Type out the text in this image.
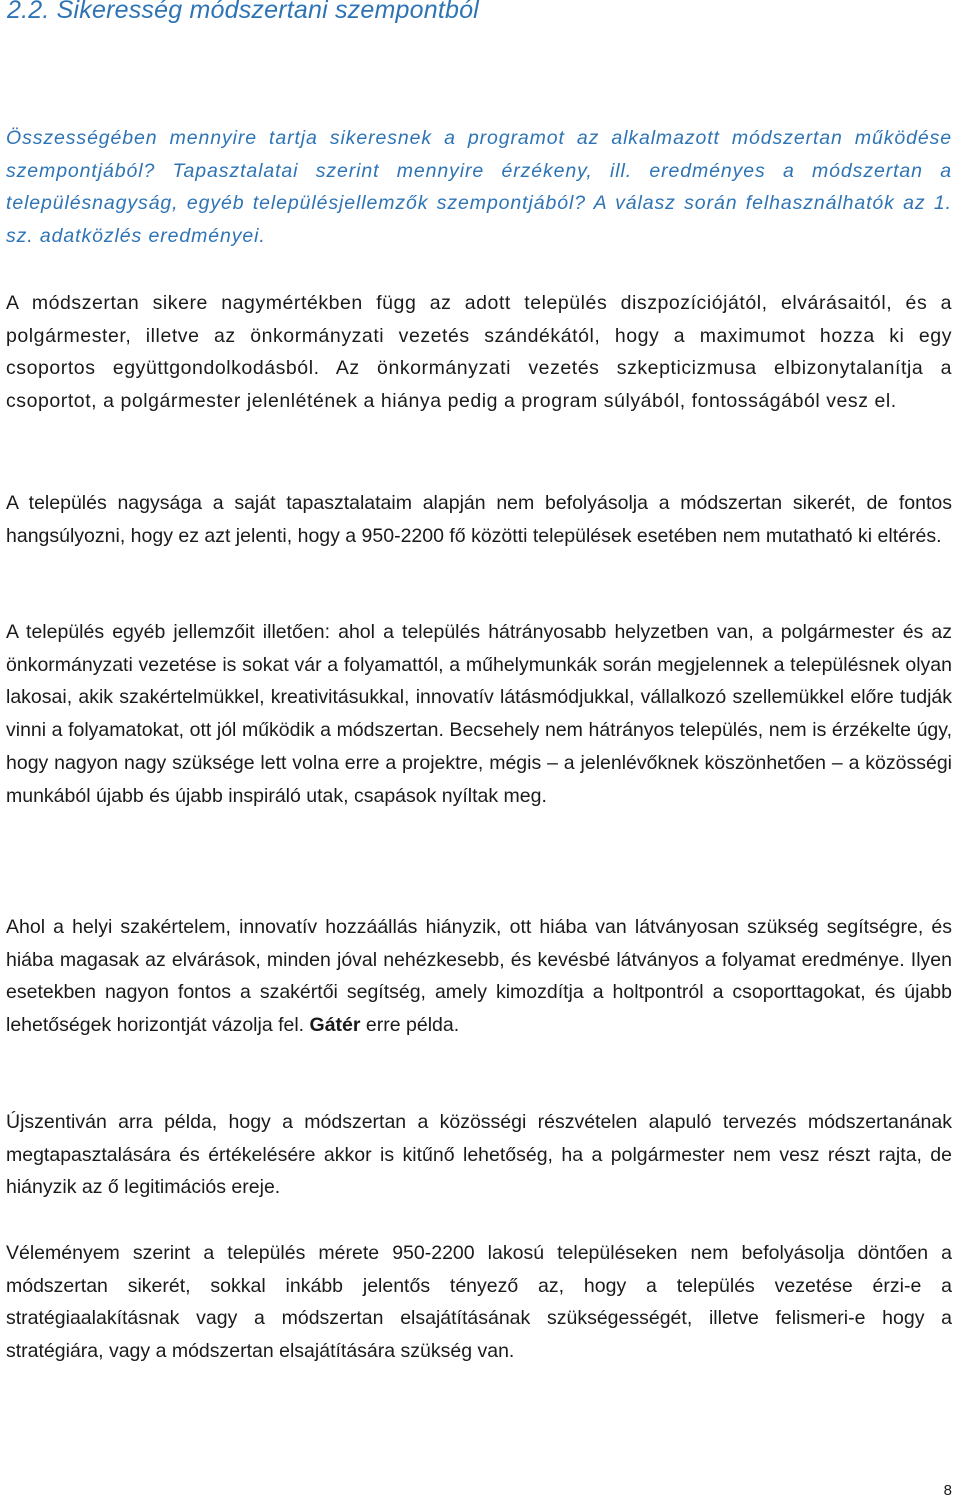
2.2. Sikeresség módszertani szempontból

Összességében mennyire tartja sikeresnek a programot az alkalmazott módszertan működése szempontjából? Tapasztalatai szerint mennyire érzékeny, ill. eredményes a módszertan a településnagyság, egyéb településjellemzők szempontjából? A válasz során felhasználhatók az 1. sz. adatközlés eredményei.

A módszertan sikere nagymértékben függ az adott település diszpozíciójától, elvárásaitól, és a polgármester, illetve az önkormányzati vezetés szándékától, hogy a maximumot hozza ki egy csoportos együttgondolkodásból. Az önkormányzati vezetés szkepticizmusa elbizonytalanítja a csoportot, a polgármester jelenlétének a hiánya pedig a program súlyából, fontosságából vesz el.

A település nagysága a saját tapasztalataim alapján nem befolyásolja a módszertan sikerét, de fontos hangsúlyozni, hogy ez azt jelenti, hogy a 950-2200 fő közötti települések esetében nem mutatható ki eltérés.

A település egyéb jellemzőit illetően: ahol a település hátrányosabb helyzetben van, a polgármester és az önkormányzati vezetése is sokat vár a folyamattól, a műhelymunkák során megjelennek a településnek olyan lakosai, akik szakértelmükkel, kreativitásukkal, innovatív látásmódjukkal, vállalkozó szellemükkel előre tudják vinni a folyamatokat, ott jól működik a módszertan. Becsehely nem hátrányos település, nem is érzékelte úgy, hogy nagyon nagy szüksége lett volna erre a projektre, mégis – a jelenlévőknek köszönhetően – a közösségi munkából újabb és újabb inspiráló utak, csapások nyíltak meg.

Ahol a helyi szakértelem, innovatív hozzáállás hiányzik, ott hiába van látványosan szükség segítségre, és hiába magasak az elvárások, minden jóval nehézkesebb, és kevésbé látványos a folyamat eredménye. Ilyen esetekben nagyon fontos a szakértői segítség, amely kimozdítja a holtpontról a csoporttagokat, és újabb lehetőségek horizontját vázolja fel. Gátér erre példa.

Újszentiván arra példa, hogy a módszertan a közösségi részvételen alapuló tervezés módszertanának megtapasztalására és értékelésére akkor is kitűnő lehetőség, ha a polgármester nem vesz részt rajta, de hiányzik az ő legitimációs ereje.

Véleményem szerint a település mérete 950-2200 lakosú településeken nem befolyásolja döntően a módszertan sikerét, sokkal inkább jelentős tényező az, hogy a település vezetése érzi-e a stratégiaalakításnak vagy a módszertan elsajátításának szükségességét, illetve felismeri-e hogy a stratégiára, vagy a módszertan elsajátítására szükség van.

8
